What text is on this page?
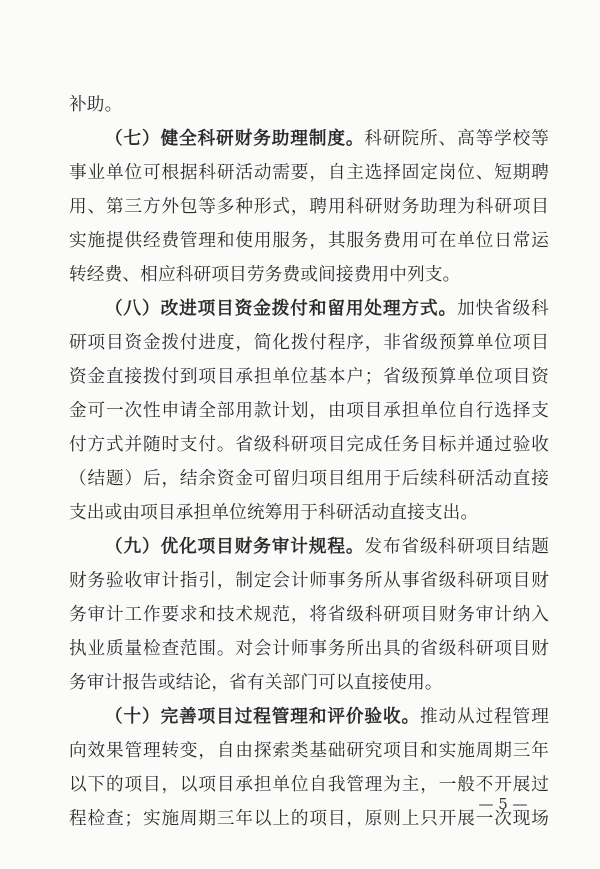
补助。
（七）健全科研财务助理制度。科研院所、高等学校等
事业单位可根据科研活动需要，自主选择固定岗位、短期聘
用、第三方外包等多种形式，聘用科研财务助理为科研项目
实施提供经费管理和使用服务，其服务费用可在单位日常运
转经费、相应科研项目劳务费或间接费用中列支。
（八）改进项目资金拨付和留用处理方式。加快省级科
研项目资金拨付进度，简化拨付程序，非省级预算单位项目
资金直接拨付到项目承担单位基本户；省级预算单位项目资
金可一次性申请全部用款计划，由项目承担单位自行选择支
付方式并随时支付。省级科研项目完成任务目标并通过验收
（结题）后，结余资金可留归项目组用于后续科研活动直接
支出或由项目承担单位统筹用于科研活动直接支出。
（九）优化项目财务审计规程。发布省级科研项目结题
财务验收审计指引，制定会计师事务所从事省级科研项目财
务审计工作要求和技术规范，将省级科研项目财务审计纳入
执业质量检查范围。对会计师事务所出具的省级科研项目财
务审计报告或结论，省有关部门可以直接使用。
（十）完善项目过程管理和评价验收。推动从过程管理
向效果管理转变，自由探索类基础研究项目和实施周期三年
以下的项目，以项目承担单位自我管理为主，一般不开展过
程检查；实施周期三年以上的项目，原则上只开展一次现场
— 5 —
